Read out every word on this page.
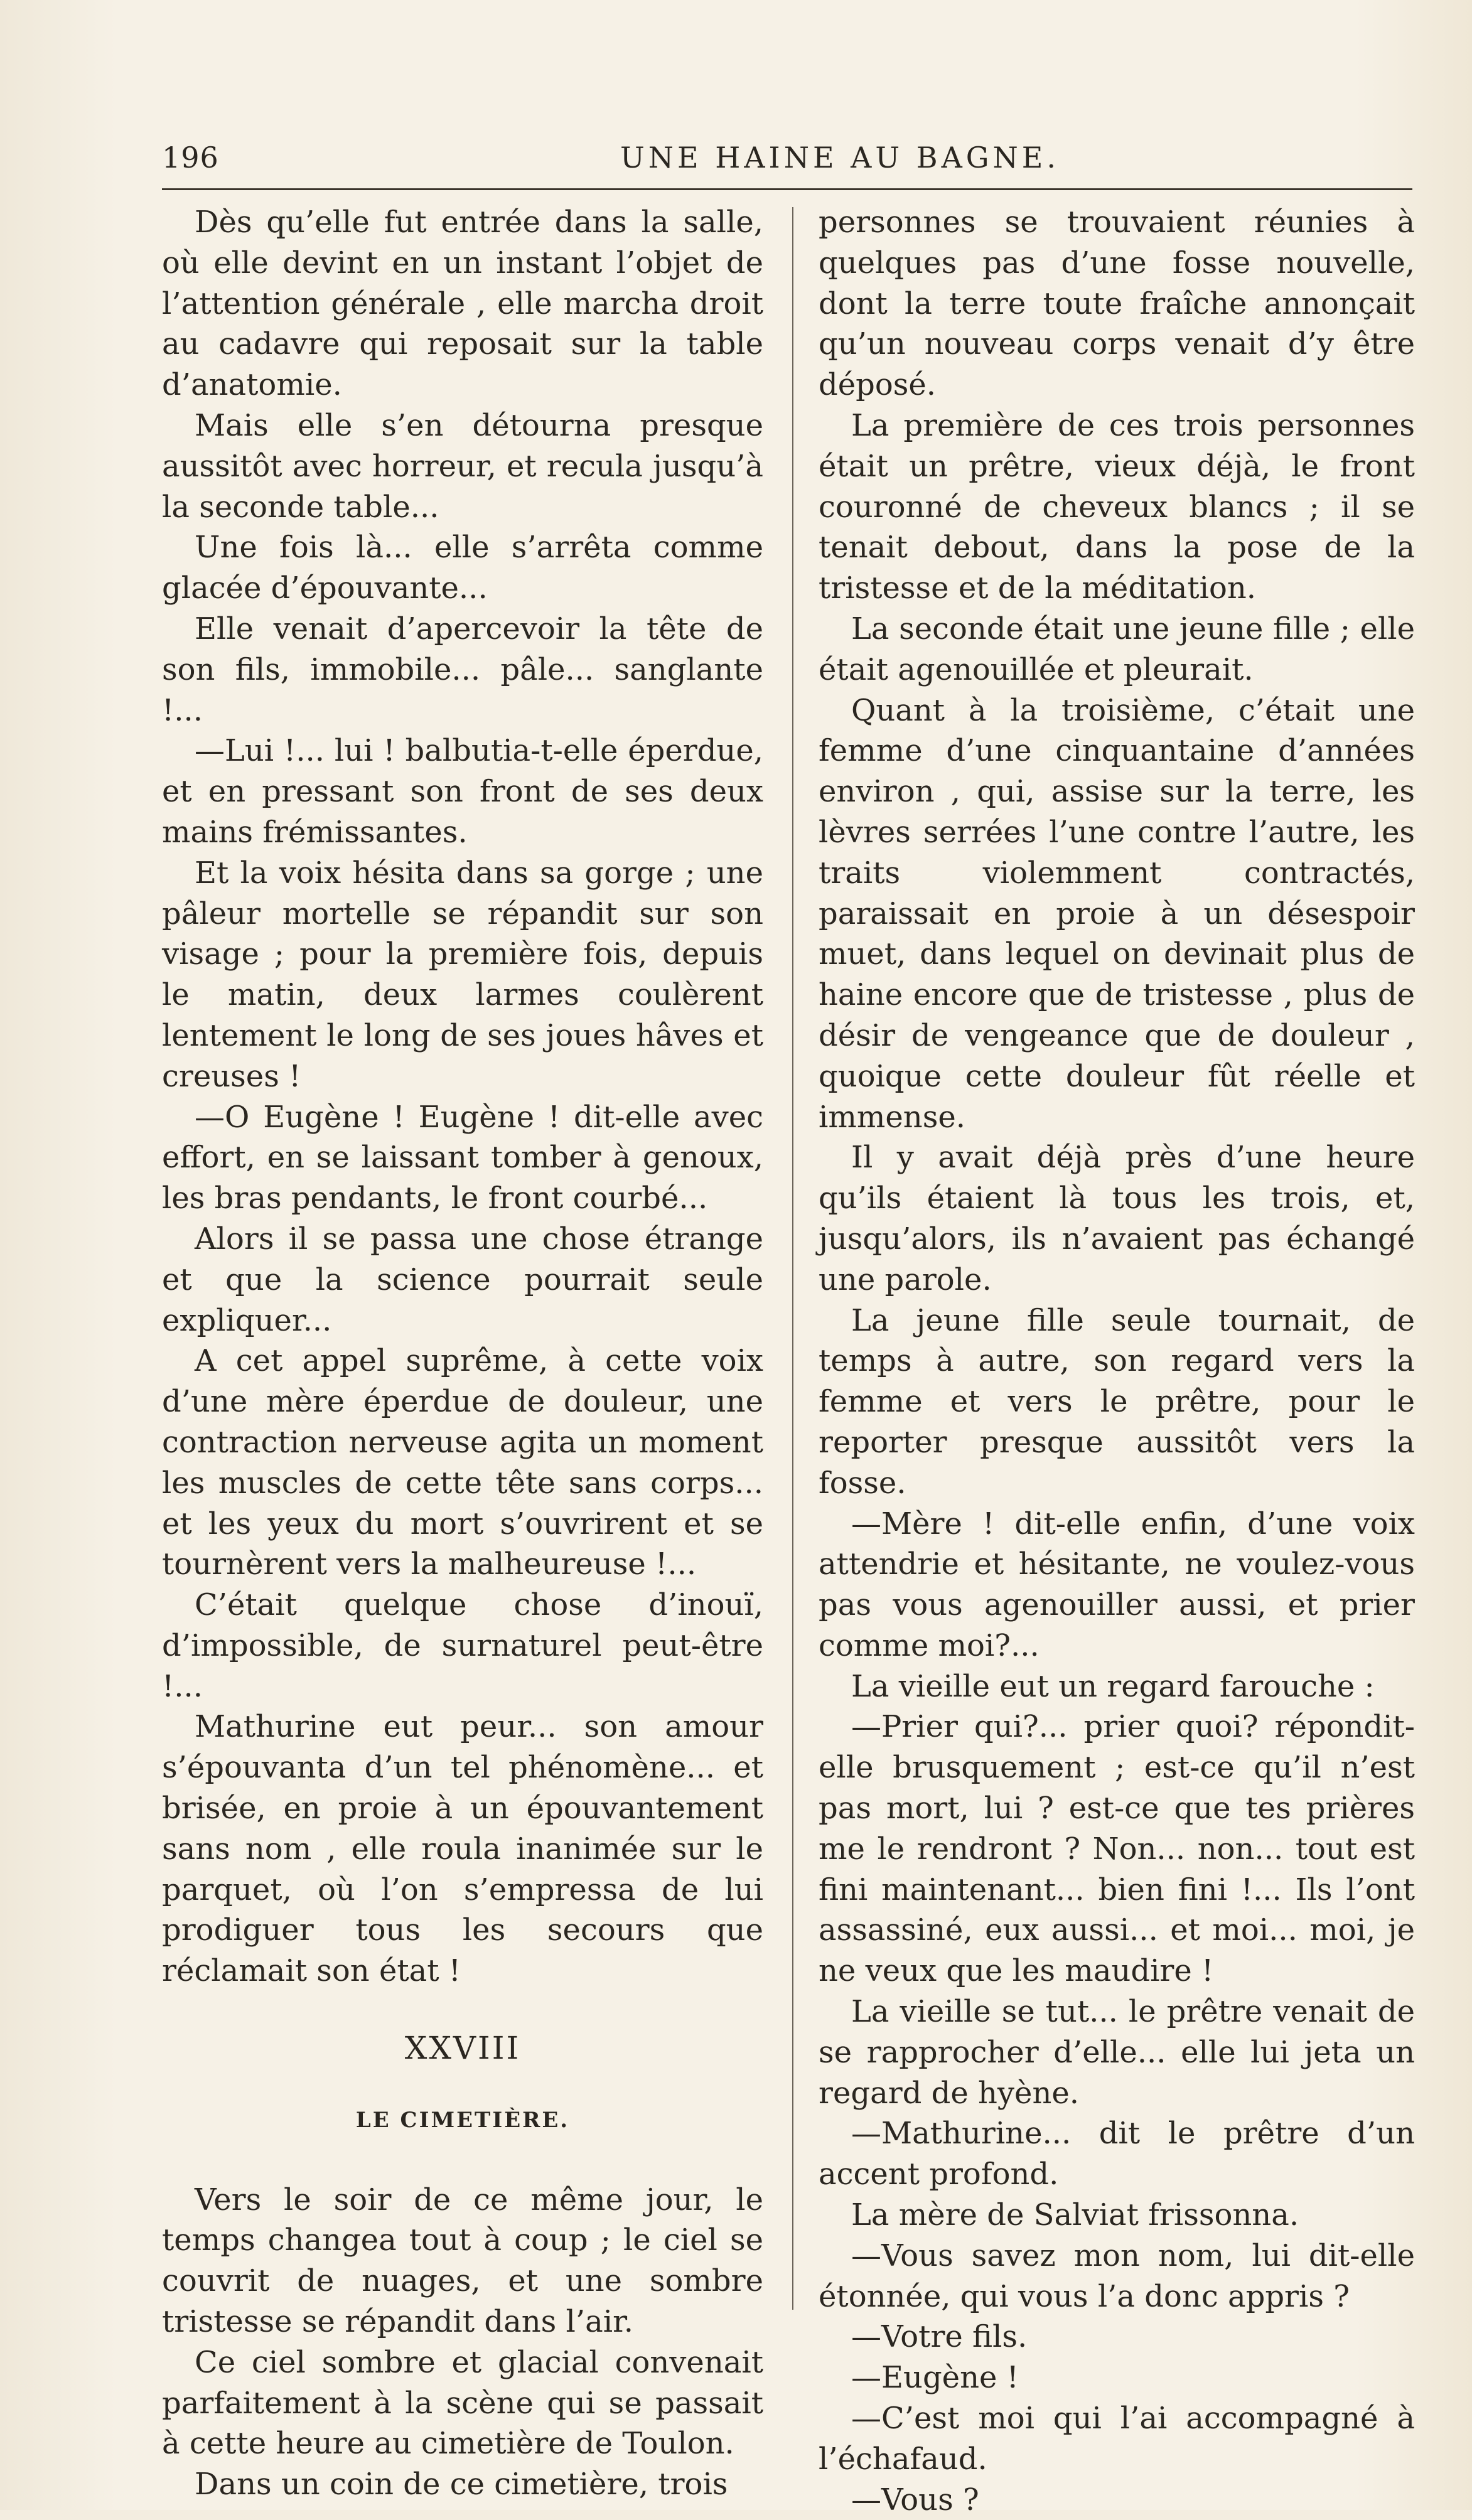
196	UNE HAINE AU BAGNE.

Dès qu’elle fut entrée dans la salle, où elle devint en un instant l’objet de l’attention générale , elle marcha droit au cadavre qui reposait sur la table d’anatomie.

Mais elle s’en détourna presque aussitôt avec horreur, et recula jusqu’à la seconde table...

Une fois là... elle s’arrêta comme glacée d’épouvante...

Elle venait d’apercevoir la tête de son fils, immobile... pâle... sanglante !...

—Lui !... lui ! balbutia-t-elle éperdue, et en pressant son front de ses deux mains frémissantes.

Et la voix hésita dans sa gorge ; une pâleur mortelle se répandit sur son visage ; pour la première fois, depuis le matin, deux larmes coulèrent lentement le long de ses joues hâves et creuses !

—O Eugène ! Eugène ! dit-elle avec effort, en se laissant tomber à genoux, les bras pendants, le front courbé...

Alors il se passa une chose étrange et que la science pourrait seule expliquer...

A cet appel suprême, à cette voix d’une mère éperdue de douleur, une contraction nerveuse agita un moment les muscles de cette tête sans corps... et les yeux du mort s’ouvrirent et se tournèrent vers la malheureuse !...

C’était quelque chose d’inouï, d’impossible, de surnaturel peut-être !...

Mathurine eut peur... son amour s’épouvanta d’un tel phénomène... et brisée, en proie à un épouvantement sans nom , elle roula inanimée sur le parquet, où l’on s’empressa de lui prodiguer tous les secours que réclamait son état !

XXVIII

LE CIMETIÈRE.

Vers le soir de ce même jour, le temps changea tout à coup ; le ciel se couvrit de nuages, et une sombre tristesse se répandit dans l’air.

Ce ciel sombre et glacial convenait parfaitement à la scène qui se passait à cette heure au cimetière de Toulon.

Dans un coin de ce cimetière, trois

personnes se trouvaient réunies à quelques pas d’une fosse nouvelle, dont la terre toute fraîche annonçait qu’un nouveau corps venait d’y être déposé.

La première de ces trois personnes était un prêtre, vieux déjà, le front couronné de cheveux blancs ; il se tenait debout, dans la pose de la tristesse et de la méditation.

La seconde était une jeune fille ; elle était agenouillée et pleurait.

Quant à la troisième, c’était une femme d’une cinquantaine d’années environ , qui, assise sur la terre, les lèvres serrées l’une contre l’autre, les traits violemment contractés, paraissait en proie à un désespoir muet, dans lequel on devinait plus de haine encore que de tristesse , plus de désir de vengeance que de douleur , quoique cette douleur fût réelle et immense.

Il y avait déjà près d’une heure qu’ils étaient là tous les trois, et, jusqu’alors, ils n’avaient pas échangé une parole.

La jeune fille seule tournait, de temps à autre, son regard vers la femme et vers le prêtre, pour le reporter presque aussitôt vers la fosse.

—Mère ! dit-elle enfin, d’une voix attendrie et hésitante, ne voulez-vous pas vous agenouiller aussi, et prier comme moi?...

La vieille eut un regard farouche :

—Prier qui?... prier quoi? répondit-elle brusquement ; est-ce qu’il n’est pas mort, lui ? est-ce que tes prières me le rendront ? Non... non... tout est fini maintenant... bien fini !... Ils l’ont assassiné, eux aussi... et moi... moi, je ne veux que les maudire !

La vieille se tut... le prêtre venait de se rapprocher d’elle... elle lui jeta un regard de hyène.

—Mathurine... dit le prêtre d’un accent profond.

La mère de Salviat frissonna.

—Vous savez mon nom, lui dit-elle étonnée, qui vous l’a donc appris ?

—Votre fils.

—Eugène !

—C’est moi qui l’ai accompagné à l’échafaud.

—Vous ?
